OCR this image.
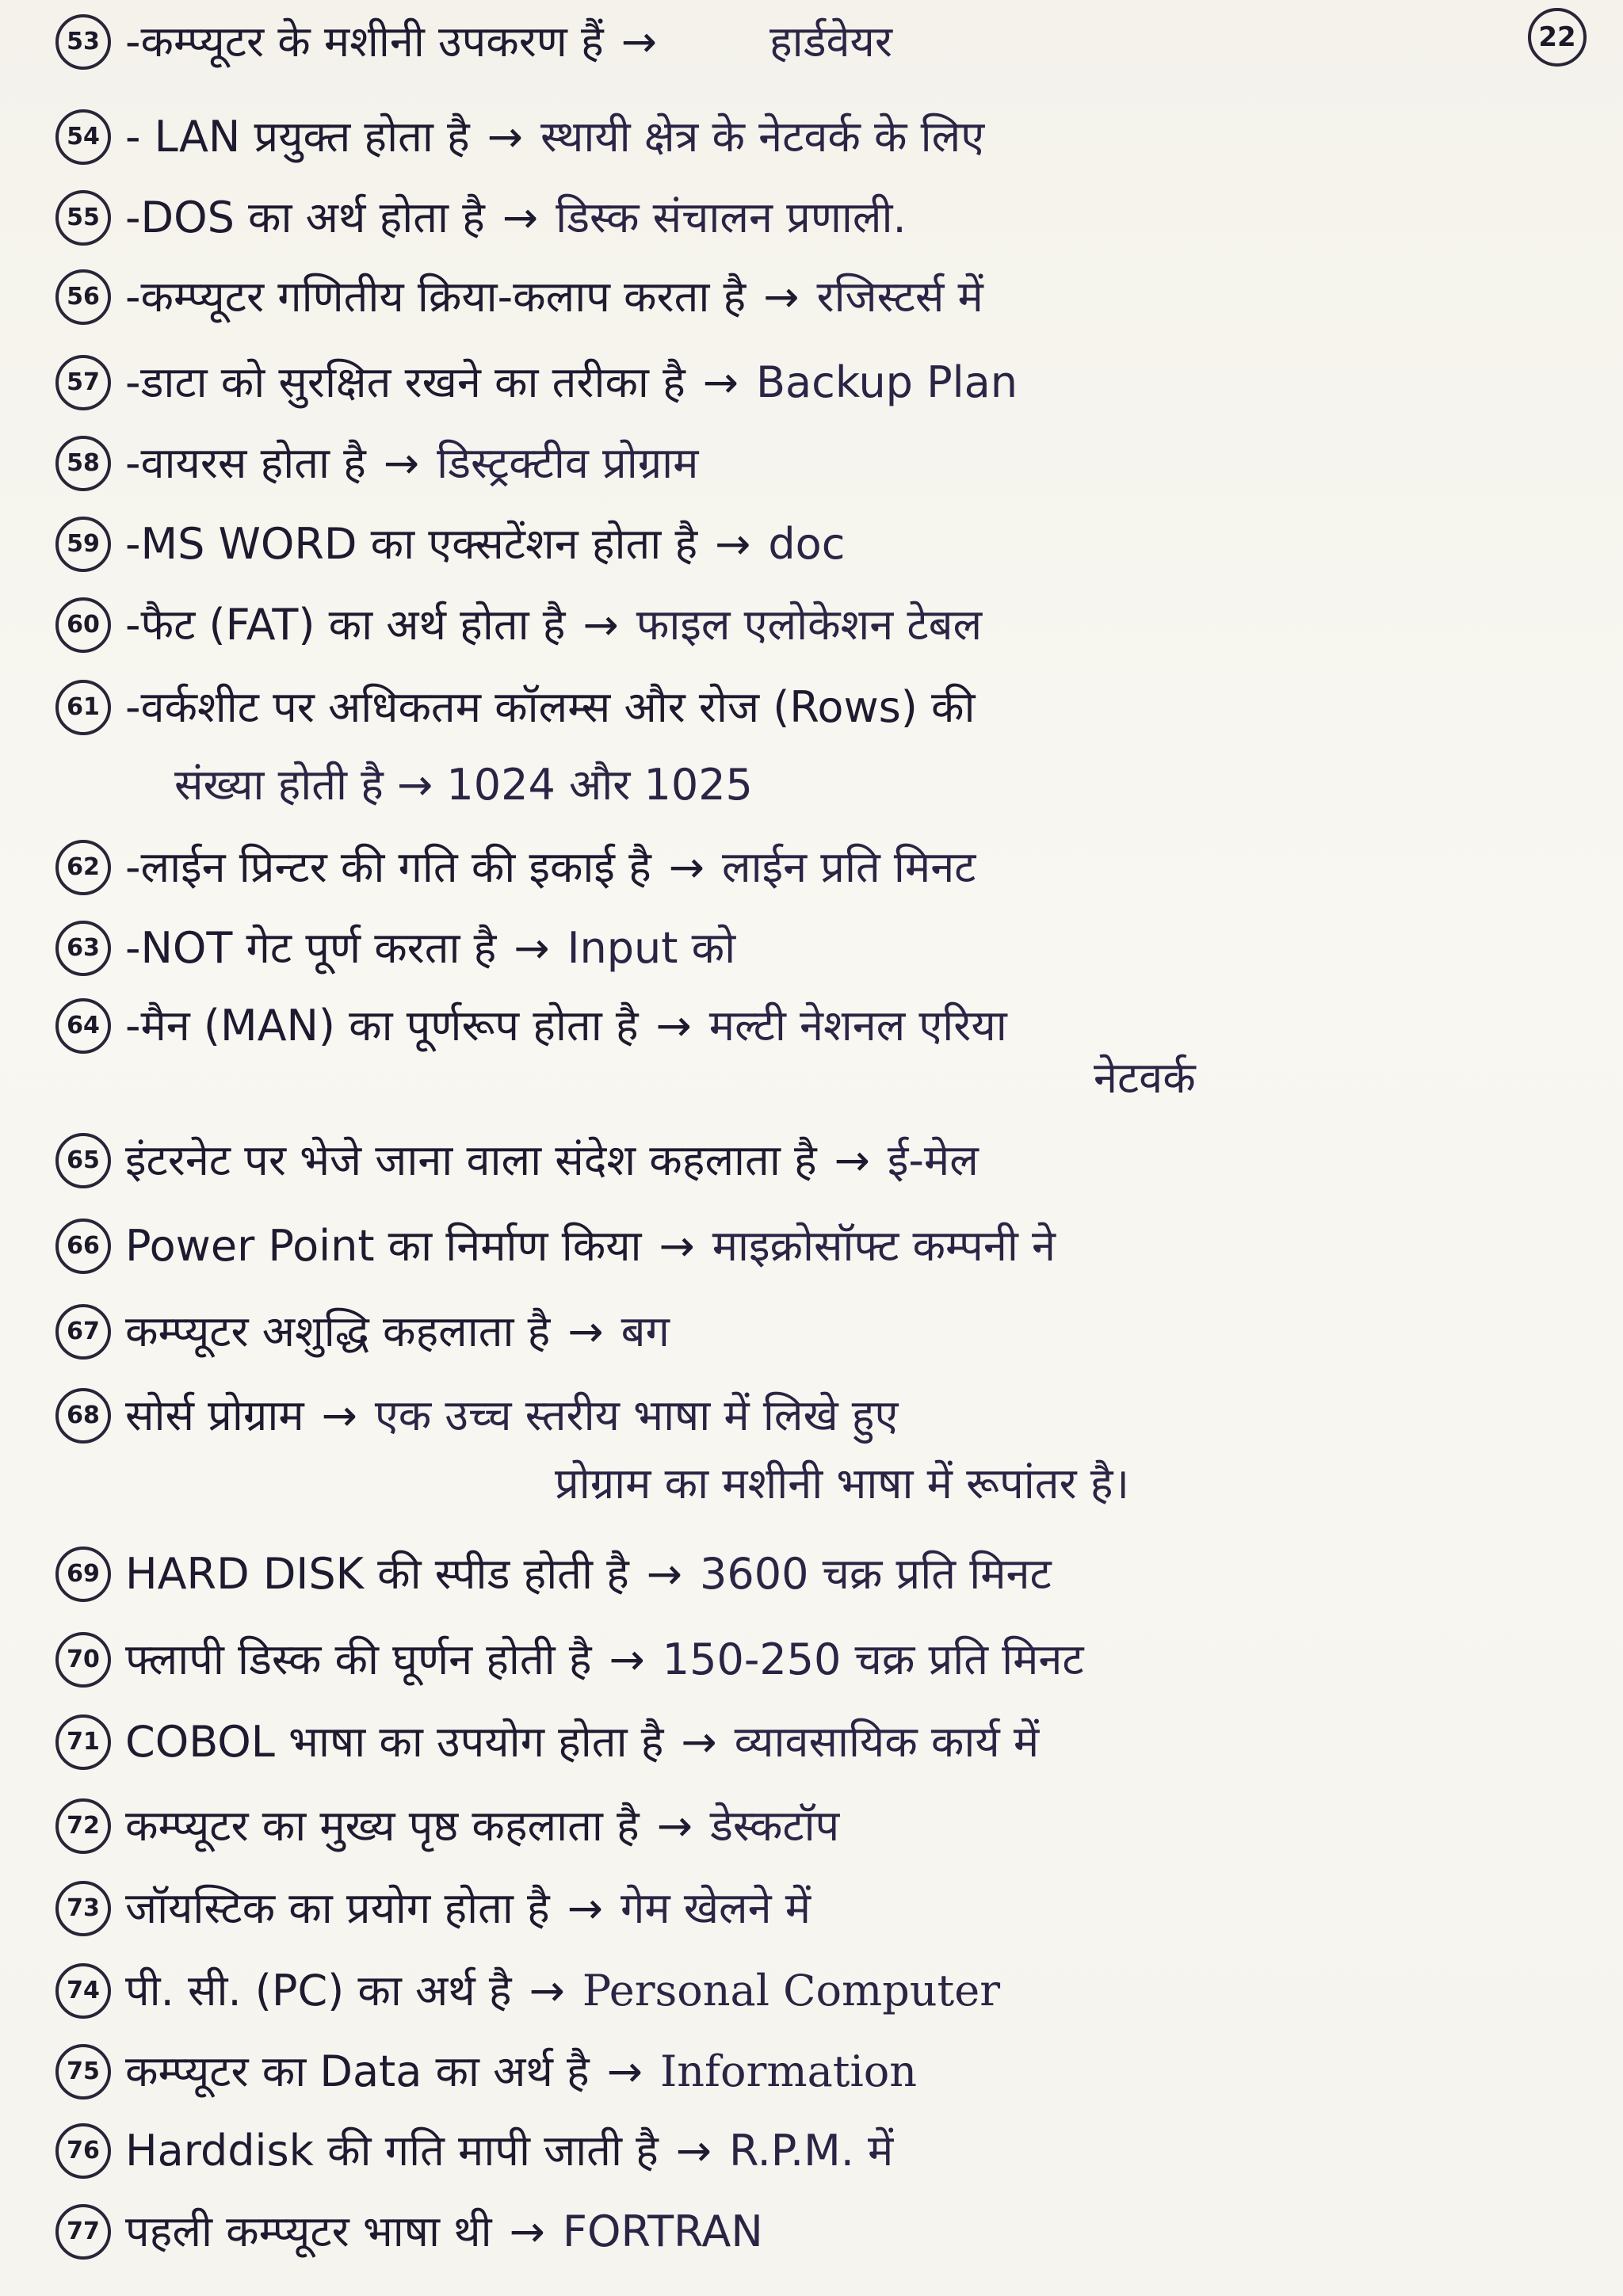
22
53 -कम्प्यूटर के मशीनी उपकरण हैं →	हार्डवेयर
54 - LAN प्रयुक्त होता है → स्थायी क्षेत्र के नेटवर्क के लिए
55 -DOS का अर्थ होता है → डिस्क संचालन प्रणाली.
56 -कम्प्यूटर गणितीय क्रिया-कलाप करता है → रजिस्टर्स में
57 -डाटा को सुरक्षित रखने का तरीका है → Backup Plan
58 -वायरस होता है → डिस्ट्रक्टीव प्रोग्राम
59 -MS WORD का एक्सटेंशन होता है → doc
60 -फैट (FAT) का अर्थ होता है → फाइल एलोकेशन टेबल
61 -वर्कशीट पर अधिकतम कॉलम्स और रोज (Rows) की
संख्या होती है → 1024 और 1025
62 -लाईन प्रिन्टर की गति की इकाई है → लाईन प्रति मिनट
63 -NOT गेट पूर्ण करता है → Input को
64 -मैन (MAN) का पूर्णरूप होता है → मल्टी नेशनल एरिया
नेटवर्क
65 इंटरनेट पर भेजे जाना वाला संदेश कहलाता है → ई-मेल
66 Power Point का निर्माण किया → माइक्रोसॉफ्ट कम्पनी ने
67 कम्प्यूटर अशुद्धि कहलाता है → बग
68 सोर्स प्रोग्राम → एक उच्च स्तरीय भाषा में लिखे हुए
प्रोग्राम का मशीनी भाषा में रूपांतर है।
69 HARD DISK की स्पीड होती है → 3600 चक्र प्रति मिनट
70 फ्लापी डिस्क की घूर्णन होती है → 150-250 चक्र प्रति मिनट
71 COBOL भाषा का उपयोग होता है → व्यावसायिक कार्य में
72 कम्प्यूटर का मुख्य पृष्ठ कहलाता है → डेस्कटॉप
73 जॉयस्टिक का प्रयोग होता है → गेम खेलने में
74 पी. सी. (PC) का अर्थ है → Personal Computer
75 कम्प्यूटर का Data का अर्थ है → Information
76 Harddisk की गति मापी जाती है → R.P.M. में
77 पहली कम्प्यूटर भाषा थी → FORTRAN
